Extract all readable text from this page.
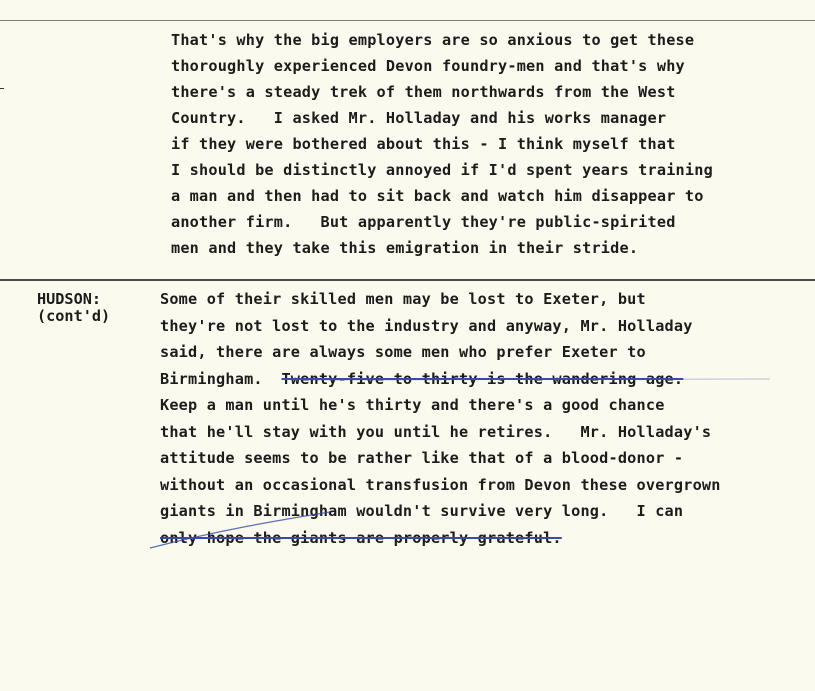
That's why the big employers are so anxious to get these
thoroughly experienced Devon foundry-men and that's why
there's a steady trek of them northwards from the West
Country.   I asked Mr. Holladay and his works manager
if they were bothered about this - I think myself that
I should be distinctly annoyed if I'd spent years training
a man and then had to sit back and watch him disappear to
another firm.   But apparently they're public-spirited
men and they take this emigration in their stride.
HUDSON:
(cont'd)
Some of their skilled men may be lost to Exeter, but
they're not lost to the industry and anyway, Mr. Holladay
said, there are always some men who prefer Exeter to
Birmingham.  Twenty-five to thirty is the wandering age.
Keep a man until he's thirty and there's a good chance
that he'll stay with you until he retires.   Mr. Holladay's
attitude seems to be rather like that of a blood-donor -
without an occasional transfusion from Devon these overgrown
giants in Birmingham wouldn't survive very long.   I can
only hope the giants are properly grateful.
